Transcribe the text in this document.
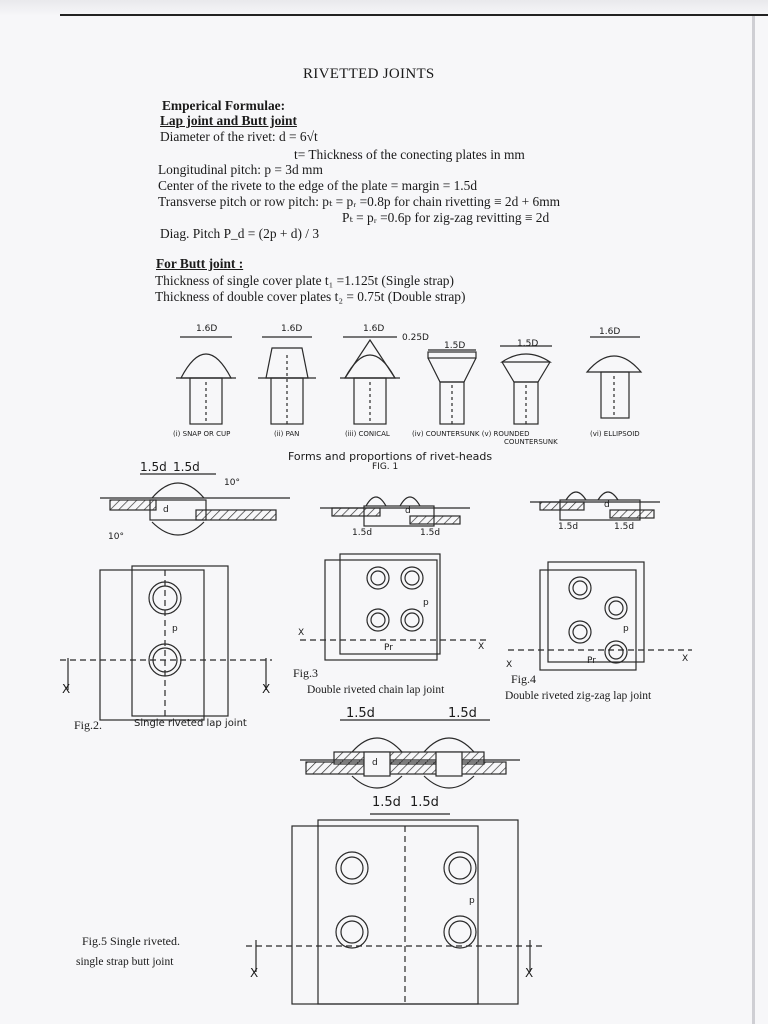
RIVETTED JOINTS
Emperical Formulae:
Lap joint and Butt joint
Diameter of the rivet: d = 6√t
t= Thickness of the conecting plates in mm
Longitudinal pitch: p = 3d mm
Center of the rivete to the edge of the plate = margin = 1.5d
Transverse pitch or row pitch: pₜ = pᵣ =0.8p for chain rivetting ≡ 2d + 6mm
Pₜ = pᵣ =0.6p for zig-zag revitting ≡ 2d
Diag. Pitch P_d = (2p + d) / 3
For Butt joint :
Thickness of single cover plate t₁ =1.125t (Single strap)
Thickness of double cover plates t₂ = 0.75t (Double strap)
1.6D	1.6D	1.6D
0.25D
1.5D	1.5D
1.6D
(i) SNAP OR CUP	(ii) PAN	(iii) CONICAL	(iv) COUNTERSUNK (v) ROUNDED
COUNTERSUNK
(vi) ELLIPSOID
Forms and proportions of rivet-heads
FIG. 1
1.5d 1.5d
10°
10°
d
p
X	X
Fig.2.	Single riveted lap joint
1.5d	1.5d
d
p
Pr
X
X
Fig.3
Double riveted chain lap joint
1.5d	1.5d
d
Pr
p
X
X
Fig.4
Double riveted zig-zag lap joint
1.5d	1.5d
1.5d 1.5d
d
p
X	X
Fig.5 Single riveted.
single strap butt joint
